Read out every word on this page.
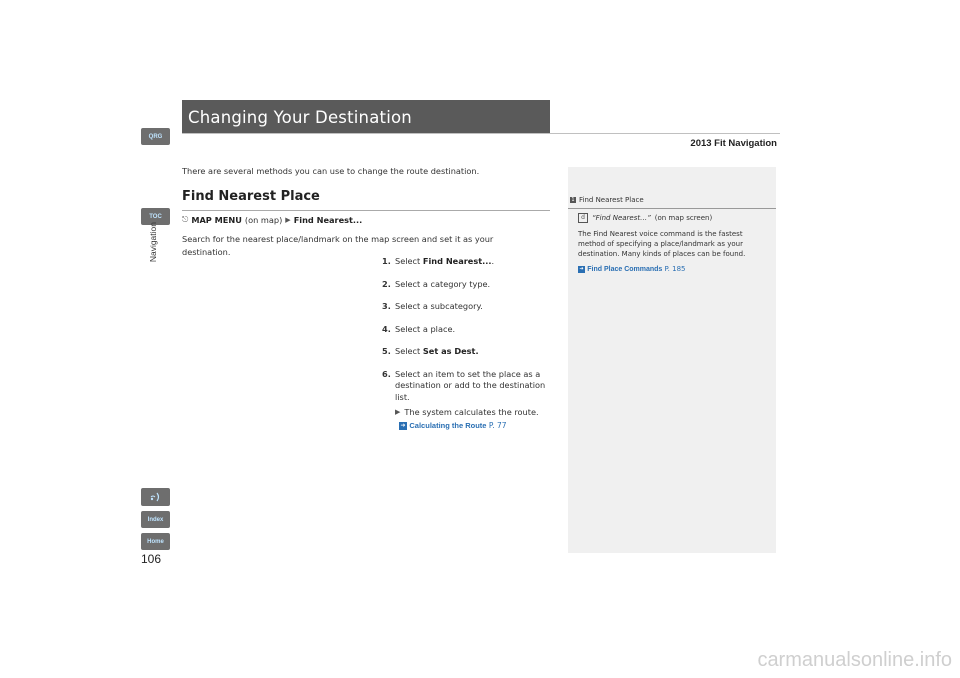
Changing Your Destination
2013 Fit Navigation
QRG
TOC
Navigation
Index
Home
106
There are several methods you can use to change the route destination.
Find Nearest Place
⎋ MAP MENU (on map) ▶ Find Nearest...
Search for the nearest place/landmark on the map screen and set it as your destination.
1. Select Find Nearest....
2. Select a category type.
3. Select a subcategory.
4. Select a place.
5. Select Set as Dest.
6. Select an item to set the place as a destination or add to the destination list.
▶ The system calculates the route.
➜ Calculating the Route P. 77
1 Find Nearest Place
d	“Find Nearest…” (on map screen)
The Find Nearest voice command is the fastest method of specifying a place/landmark as your destination. Many kinds of places can be found.
➜ Find Place Commands P. 185
carmanualsonline.info
